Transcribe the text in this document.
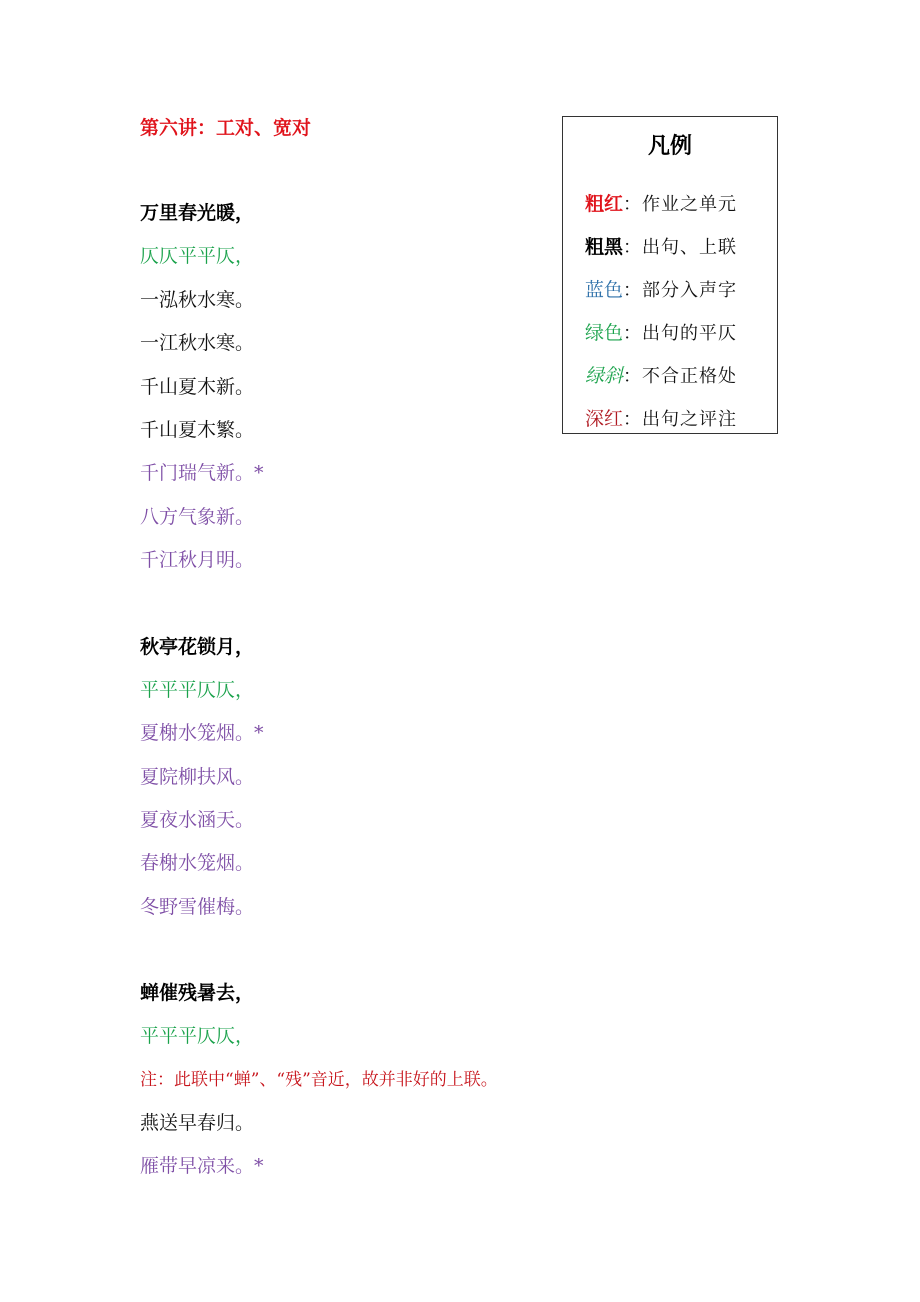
第六讲：工对、宽对
万里春光暖，
仄仄平平仄，
一泓秋水寒。
一江秋水寒。
千山夏木新。
千山夏木繁。
千门瑞气新。*
八方气象新。
千江秋月明。
秋亭花锁月，
平平平仄仄，
夏榭水笼烟。*
夏院柳扶风。
夏夜水涵天。
春榭水笼烟。
冬野雪催梅。
蝉催残暑去，
平平平仄仄，
注：此联中“蝉”、“残”音近，故并非好的上联。
燕送早春归。
雁带早凉来。*
凡例
粗红：作业之单元
粗黑：出句、上联
蓝色：部分入声字
绿色：出句的平仄
绿斜：不合正格处
深红：出句之评注
